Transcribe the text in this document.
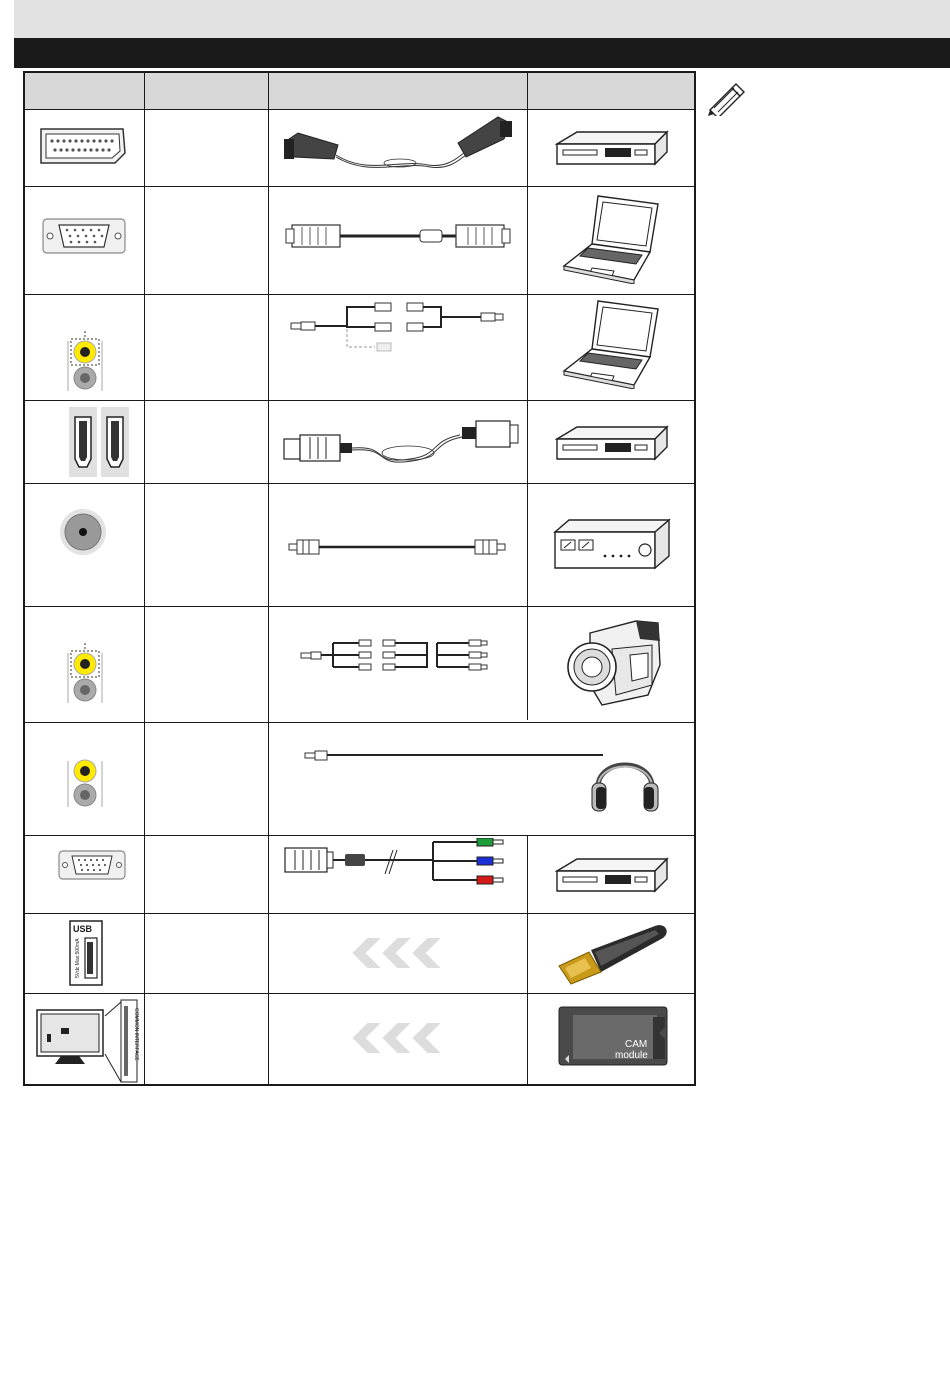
USB
5Vdc Max:500mA
COMMON INTERFACE	CAM
module
